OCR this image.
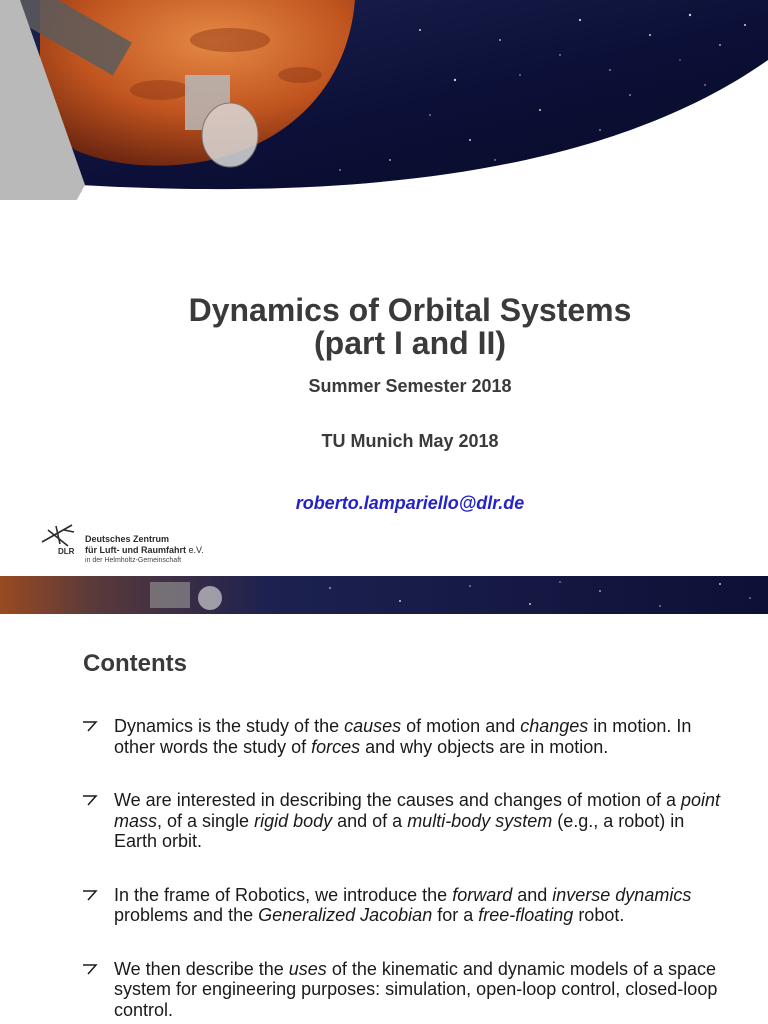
Dynamics of Orbital Systems
(part I and II)
Summer Semester 2018
TU Munich May 2018
roberto.lampariello@dlr.de
DLR
Deutsches Zentrum
für Luft- und Raumfahrt e.V.
in der Helmholtz-Gemeinschaft
Contents
Dynamics is the study of the causes of motion and changes in motion. In other words the study of forces and why objects are in motion.
We are interested in describing the causes and changes of motion of a point mass, of a single rigid body and of a multi-body system (e.g., a robot) in Earth orbit.
In the frame of Robotics, we introduce the forward and inverse dynamics problems and the Generalized Jacobian for a free-floating robot.
We then describe the uses of the kinematic and dynamic models of a space system for engineering purposes: simulation, open-loop control, closed-loop control.
